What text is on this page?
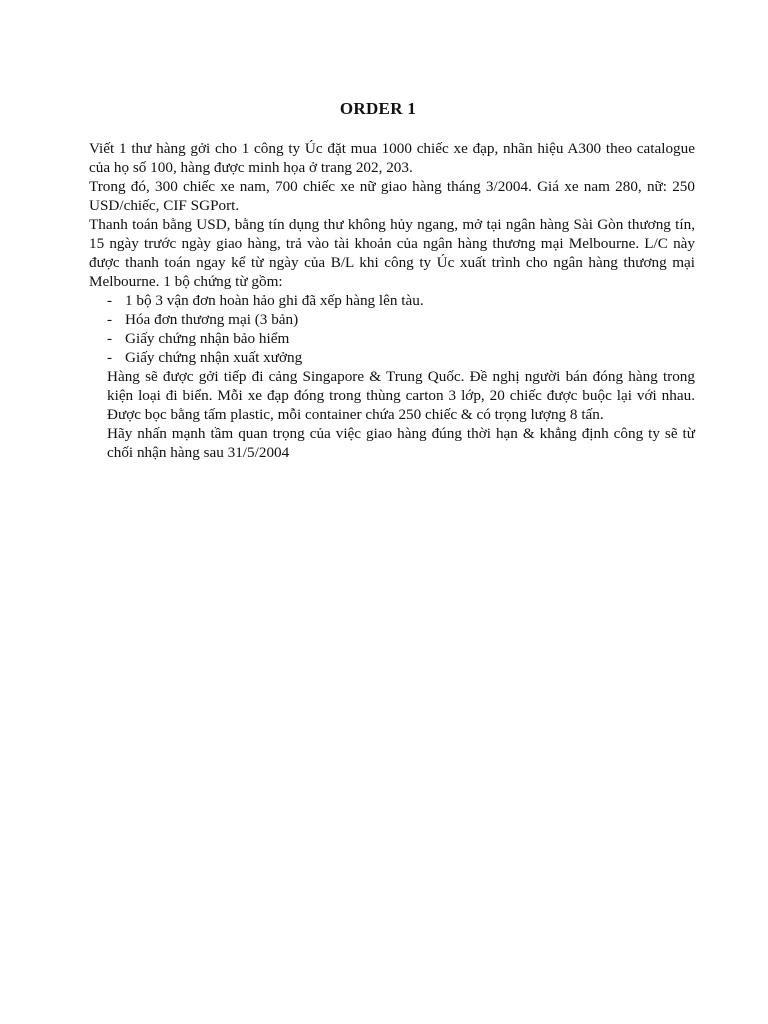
ORDER 1

Viết 1 thư hàng gởi cho 1 công ty Úc đặt mua 1000 chiếc xe đạp, nhãn hiệu A300 theo catalogue của họ số 100, hàng được minh họa ở trang 202, 203.

Trong đó, 300 chiếc xe nam, 700 chiếc xe nữ giao hàng tháng 3/2004. Giá xe nam 280, nữ: 250 USD/chiếc, CIF SGPort.

Thanh toán bằng USD, bằng tín dụng thư không hủy ngang, mở tại ngân hàng Sài Gòn thương tín, 15 ngày trước ngày giao hàng, trả vào tài khoản của ngân hàng thương mại Melbourne. L/C này được thanh toán ngay kể từ ngày của B/L khi công ty Úc xuất trình cho ngân hàng thương mại Melbourne. 1 bộ chứng từ gồm:

- 1 bộ 3 vận đơn hoàn hảo ghi đã xếp hàng lên tàu.
- Hóa đơn thương mại (3 bản)
- Giấy chứng nhận bảo hiểm
- Giấy chứng nhận xuất xưởng

Hàng sẽ được gởi tiếp đi cảng Singapore & Trung Quốc. Đề nghị người bán đóng hàng trong kiện loại đi biển. Mỗi xe đạp đóng trong thùng carton 3 lớp, 20 chiếc được buộc lại với nhau. Được bọc bằng tấm plastic, mỗi container chứa 250 chiếc & có trọng lượng 8 tấn.

Hãy nhấn mạnh tầm quan trọng của việc giao hàng đúng thời hạn & khẳng định công ty sẽ từ chối nhận hàng sau 31/5/2004
